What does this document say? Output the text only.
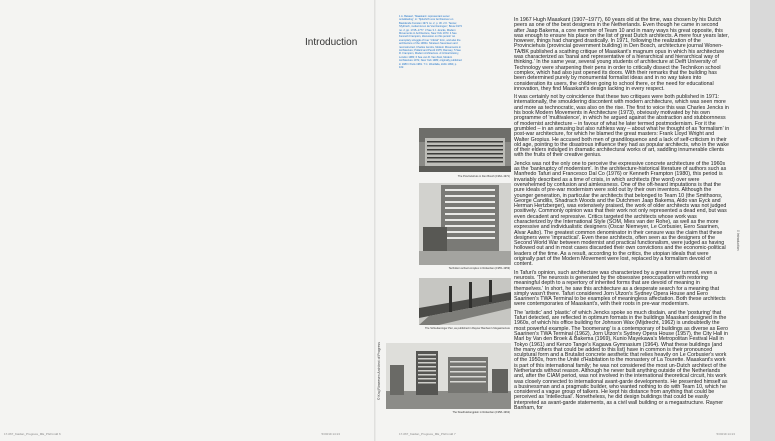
Introduction
1 A. Bekaert, 'Maaskant: representant eener ontwikkeling', in: Tijdschrift voor Architectuur en Beeldende Kunsten 1971 no. 2, p. 30. 2 K. Tanner, 'Mythisch, modernist en de Voorzieningen', Bouw 1973 no. 2, pp. 1745–1777. 3 See 3 J. Jencks, Modern Movements in Architecture, New York 1973. 4 See Kenneth Frampton, discussion on this period: 'an exemplary struggle of true ''critical'' form, and also the architecture of the 1960s: Nineteen Seventeen and reconstructed, Charles Jencks, Modern Movements in Architecture; Pollard and Pencil 1975; Ramsey; 5 See R. Frampton, Modern Architecture. A Critical History, London 1980; 6 See van R. Van Zwol, Modern Architecture 1972, New York 1980; originally published in 1980 / Paris 1981. 7 C. Westfalia, Zolfo 1990, p. 102.
© Kraj Rimeesen Architect of Progress
0 Introduction
The Provinciehuis in Den Bosch (1962–1971)
Technikon school complex in Rotterdam (1955–1959)
The Schiedaminger Pier, as published in Rayner Banham's Megastructure
The Stoelhuisbergplein in Rotterdam (1958–1962)

In 1967 Hugh Maaskant (1907–1977), 60 years old at the time, was chosen by his Dutch peers as one of the best designers in the Netherlands. Even though he came in second after Jaap Bakema, a core member of Team 10 and in many ways his great opposite, this was enough to ensure his place on the list of great Dutch architects. A mere four years later, however, things had changed drastically. In 1971, following the realization of the Provinciehuis (provincial government building) in Den Bosch, architecture journal Wonen-TA/BK published a scathing critique of Maaskant's magnum opus in which his architecture was characterized as 'banal and representative of a hierarchical and hierarchical way of thinking.' In the same year, several young students of architecture at Delft University of Technology were sharpening their pens in order to critically dissect the Technikon school complex, which had also just opened its doors. With their remarks that the building has been determined purely by monumental formalist ideas and in no way takes into consideration its users, the children going to school there, or the need for educational innovation, they find Maaskant's design lacking in every respect.

It was certainly not by coincidence that these two critiques were both published in 1971: internationally, the smouldering discontent with modern architecture, which was seen more and more as technocratic, was also on the rise. The first to voice this was Charles Jencks in his book Modern Movements in Architecture (1973), obviously motivated by his own programme of 'multivalence', in which he argued against the abstraction and stubbornness of modernist architecture – in favour of what he later termed postmodernism. For it the grumbled – in an amusing but also ruthless way – about what he thought of as 'formalism' in post-war architecture, for which he blamed the great masters: Frank Lloyd Wright and Walter Gropius. He accused both men of grandiloquence and a lack of self-criticism in their old age, pointing to the disastrous influence they had as popular architects, who in the wake of their elders indulged in dramatic architectural works of art, saddling innumerable clients with the fruits of their creative genius.

Jencks was not the only one to perceive the expressive concrete architecture of the 1960s as the 'bankruptcy of modernism'. In the architecture-historical literature of authors such as Manfredo Tafuri and Francesco Dal Co (1976) or Kenneth Frampton (1980), this period is invariably described as a time of crisis, in which architects (the word) over were overwhelmed by confusion and aimlessness. One of the oft-heard imputations is that the pure ideals of pre-war modernism were sold out by their own inventors. Although the younger generation, in particular the architects that belonged to Team 10 (the Smithsons, George Candilis, Shadrach Woods and the Dutchmen Jaap Bakema, Aldo van Eyck and Herman Hertzberger), was extensively praised, the work of older architects was not judged positively. Commonly opinion was that their work not only represented a dead end, but was even decadent and repressive. Critics targeted the architects whose work was characterized by the International Style (SOM, Mies van der Rohe), as well as the more expressive and individualistic designers (Oscar Niemeyer, Le Corbusier, Eero Saarinen, Alvar Aalto). The greatest common denominator in their censure was the claim that these designers were 'impractical'. Even these architects, often seen as the designers of the Second World War between modernist and practical functionalism, were judged as having hollowed out and in most cases discarded their own convictions and the economic-political leaders of the time. As a result, according to the critics, the utopian ideals that were originally part of the Modern Movement were lost, replaced by a formalism devoid of content.

In Tafuri's opinion, such architecture was characterized by a great inner turmoil, even a neurosis. 'The neurosis is generated by the obsessive preoccupation with restoring meaningful depth to a repertory of inherited forms that are devoid of meaning in themselves.' In short, he saw this architecture as a desperate search for a meaning that simply wasn't there. Tafuri considered Jorn Utzon's Sydney Opera House and Eero Saarinen's TWA Terminal to be examples of meaningless affectation. Both these architects were contemporaries of Maaskant's, with their roots in pre-war modernism.

The 'artistic' and 'plastic' of which Jencks spoke so much disdain, and the 'posturing' that Tafuri detected, are reflected in optimum formats in the buildings Maaskant designed in the 1960s, of which his office building for Johnson Wax (Mijdrecht, 1962) is undoubtedly the most powerful example. The 'boomerang' is a contemporary of buildings as diverse as Eero Saarinen's TWA Terminal (1962), Jorn Utzon's Sydney Opera House (1957), the City Hall in Marl by Van den Broek & Bakema (1969), Kunio Mayekawa's Metropolitan Festival Hall in Tokyo (1961) and Kenzo Tange's Kagawa Gymnasium (1964). What these buildings (and the many others that could be added to this list) have in common is their pronounced sculptural form and a Brutalist concrete aesthetic that relies heavily on Le Corbusier's work of the 1950s, from the Unité d'Habitation to the monastery of La Tourette. Maaskant's work is part of this international family; he was not considered the most un-Dutch architect of the Netherlands without reason. Although he never built anything outside of the Netherlands and, after the CIAM period, was not involved in the international theoretical circuit, his work was closely connected to international avant-garde developments. He presented himself as a businessman and a pragmatic builder, who wanted nothing to do with Team 10, which he considered a vague group of talkers. He kept his distance from anything that could be perceived as 'intellectual'. Nonetheless, he did design buildings that could be easily interpreted as avant-garde statements, as a civil wall building or a megastructure. Rayner Banham, for

17-067_Kaidan_Progress_ME_PGF.indd 6	5/30/19 14:13	17-067_Kaidan_Progress_ME_PGF.indd 7	5/30/19 14:13
